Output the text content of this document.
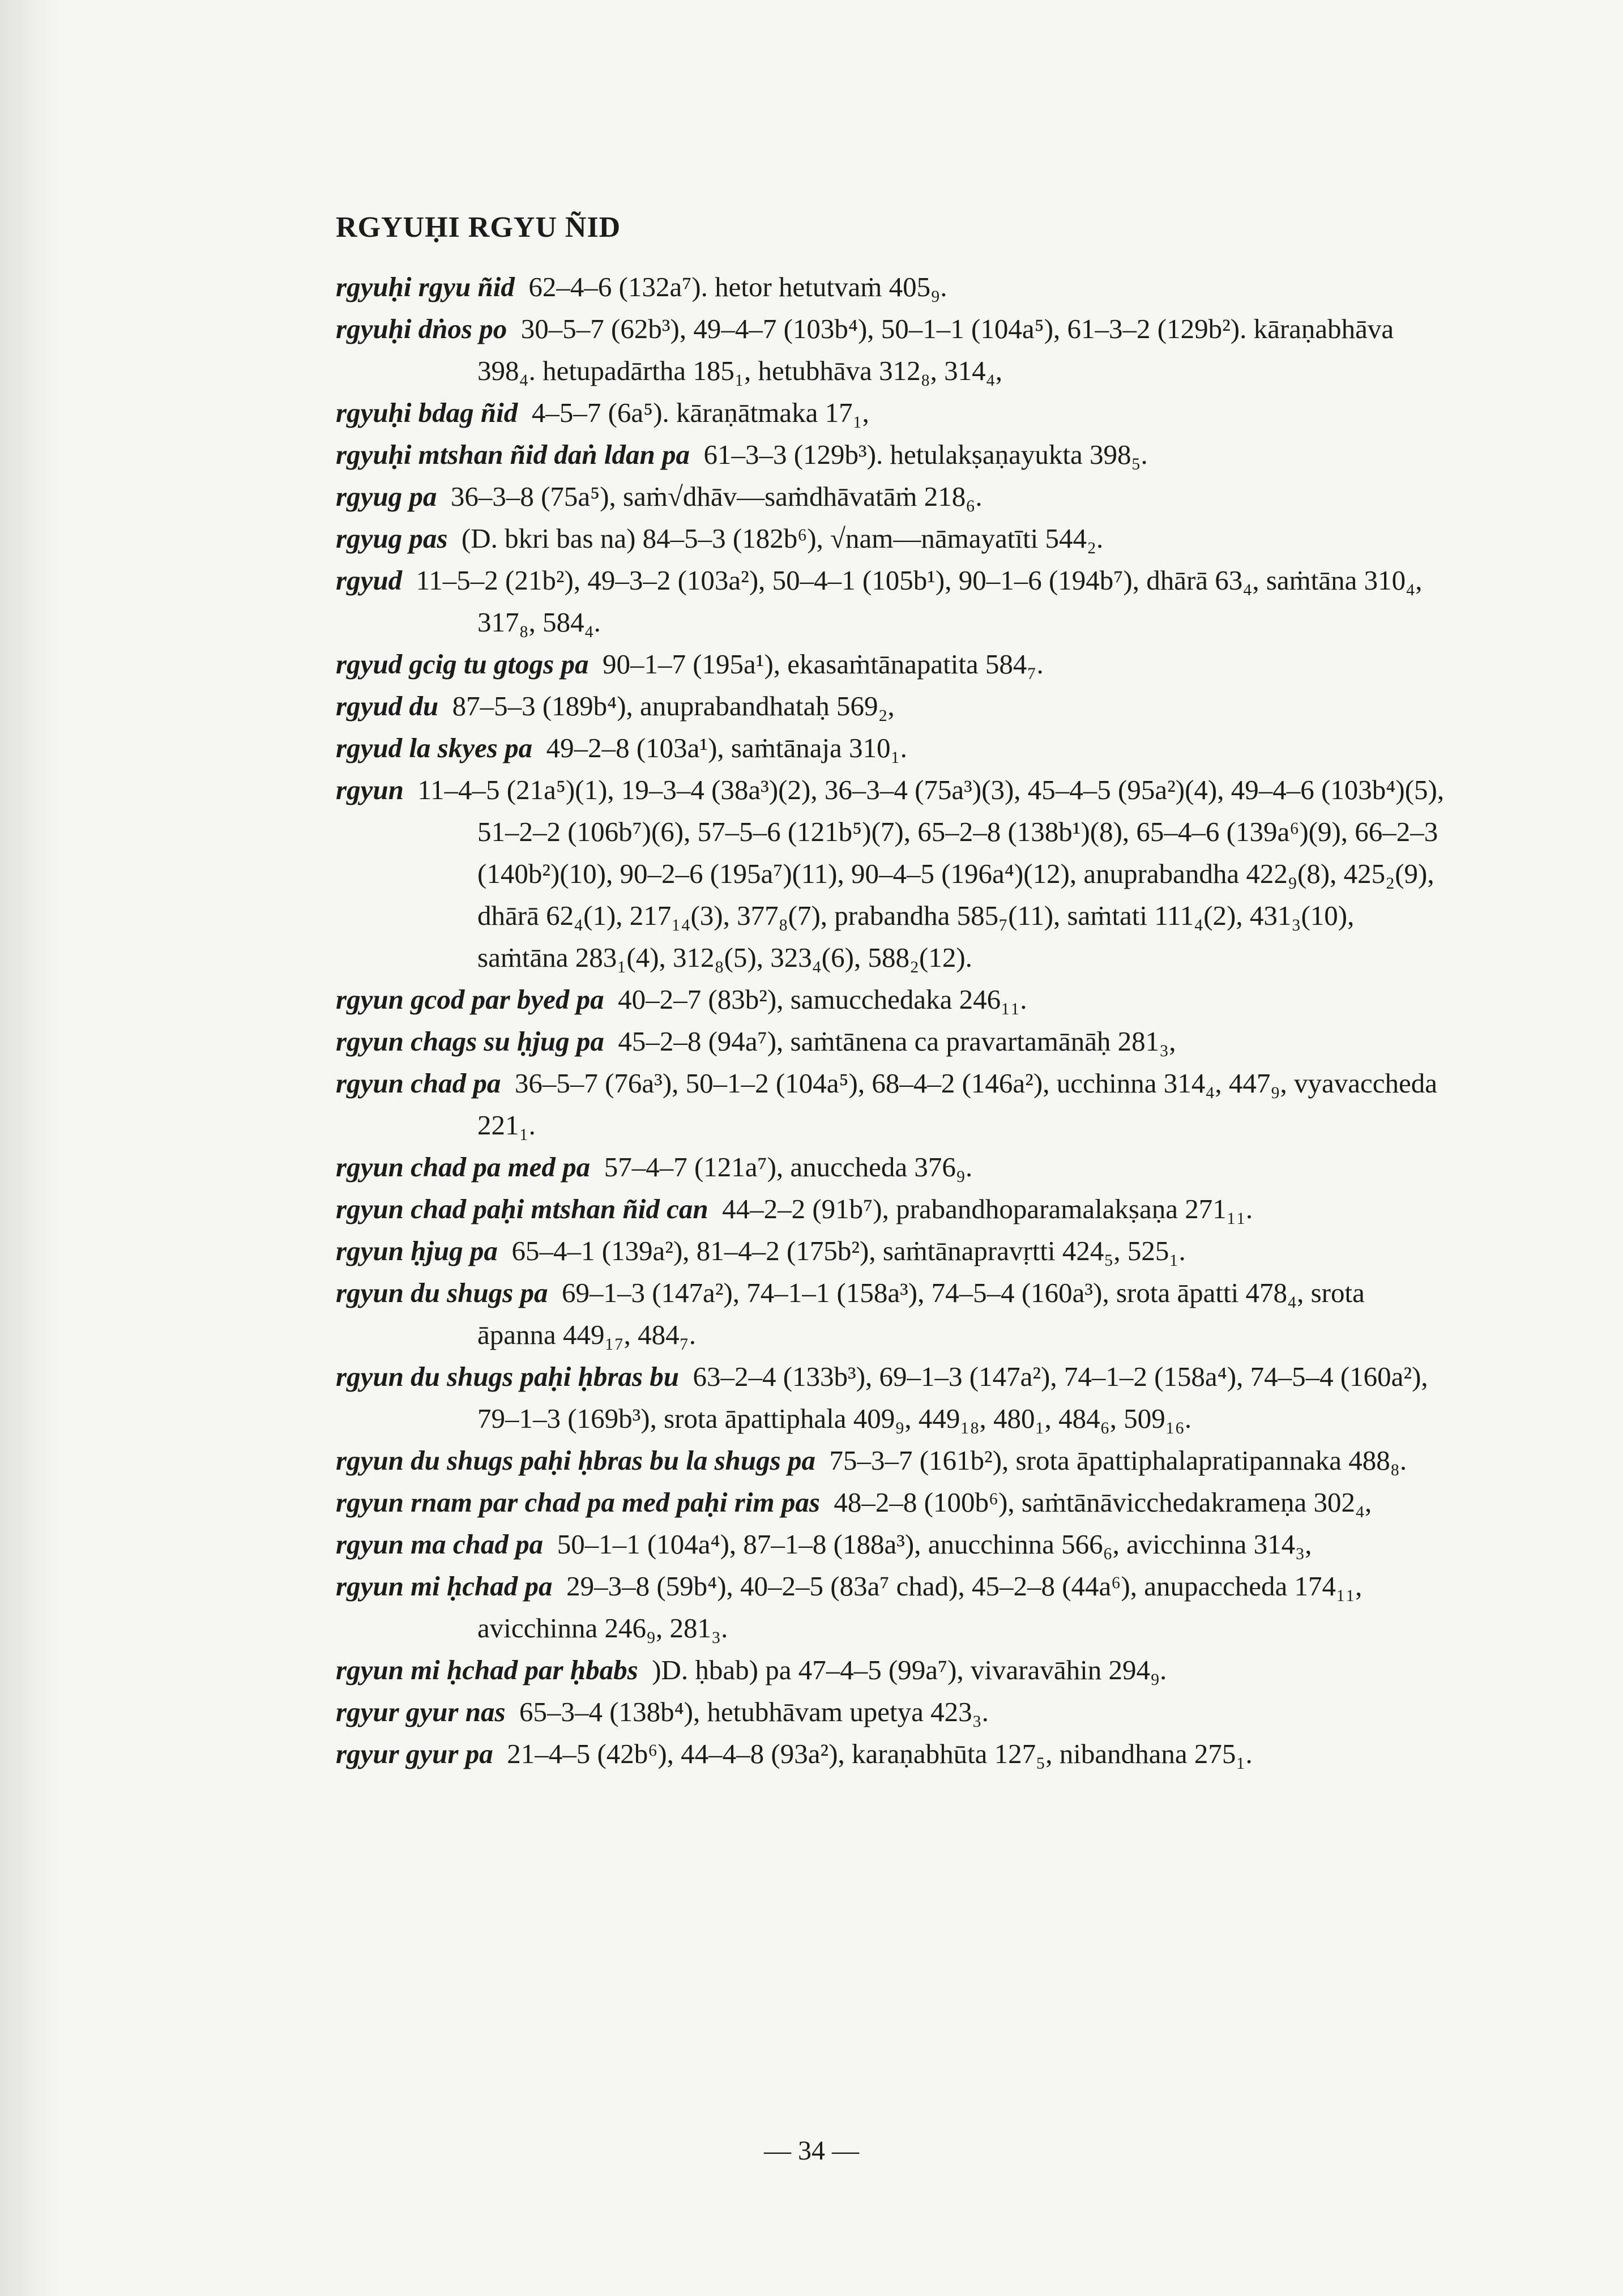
RGYUḤI RGYU ÑID
rgyuḥi rgyu ñid 62–4–6 (132a⁷). hetor hetutvaṁ 405₉.
rgyuḥi dṅos po 30–5–7 (62b³), 49–4–7 (103b⁴), 50–1–1 (104a⁵), 61–3–2 (129b²). kāraṇabhāva 398₄. hetupadārtha 185₁, hetubhāva 312₈, 314₄,
rgyuḥi bdag ñid 4–5–7 (6a⁵). kāraṇātmaka 17₁,
rgyuḥi mtshan ñid daṅ ldan pa 61–3–3 (129b³). hetulakṣaṇayukta 398₅.
rgyug pa 36–3–8 (75a⁵), saṁ√dhāv—saṁdhāvatāṁ 218₆.
rgyug pas (D. bkri bas na) 84–5–3 (182b⁶), √nam—nāmayatīti 544₂.
rgyud 11–5–2 (21b²), 49–3–2 (103a²), 50–4–1 (105b¹), 90–1–6 (194b⁷), dhārā 63₄, saṁtāna 310₄, 317₈, 584₄.
rgyud gcig tu gtogs pa 90–1–7 (195a¹), ekasaṁtānapatita 584₇.
rgyud du 87–5–3 (189b⁴), anuprabandhataḥ 569₂,
rgyud la skyes pa 49–2–8 (103a¹), saṁtānaja 310₁.
rgyun 11–4–5 (21a⁵)(1), 19–3–4 (38a³)(2), 36–3–4 (75a³)(3), 45–4–5 (95a²)(4), 49–4–6 (103b⁴)(5), 51–2–2 (106b⁷)(6), 57–5–6 (121b⁵)(7), 65–2–8 (138b¹)(8), 65–4–6 (139a⁶)(9), 66–2–3 (140b²)(10), 90–2–6 (195a⁷)(11), 90–4–5 (196a⁴)(12), anuprabandha 422₉(8), 425₂(9), dhārā 62₄(1), 217₁₄(3), 377₈(7), prabandha 585₇(11), saṁtati 111₄(2), 431₃(10), saṁtāna 283₁(4), 312₈(5), 323₄(6), 588₂(12).
rgyun gcod par byed pa 40–2–7 (83b²), samucchedaka 246₁₁.
rgyun chags su ḥjug pa 45–2–8 (94a⁷), saṁtānena ca pravartamānāḥ 281₃,
rgyun chad pa 36–5–7 (76a³), 50–1–2 (104a⁵), 68–4–2 (146a²), ucchinna 314₄, 447₉, vyavaccheda 221₁.
rgyun chad pa med pa 57–4–7 (121a⁷), anuccheda 376₉.
rgyun chad paḥi mtshan ñid can 44–2–2 (91b⁷), prabandhoparamalakṣaṇa 271₁₁.
rgyun ḥjug pa 65–4–1 (139a²), 81–4–2 (175b²), saṁtānapravṛtti 424₅, 525₁.
rgyun du shugs pa 69–1–3 (147a²), 74–1–1 (158a³), 74–5–4 (160a³), srota āpatti 478₄, srota āpanna 449₁₇, 484₇.
rgyun du shugs paḥi ḥbras bu 63–2–4 (133b³), 69–1–3 (147a²), 74–1–2 (158a⁴), 74–5–4 (160a²), 79–1–3 (169b³), srota āpattiphala 409₉, 449₁₈, 480₁, 484₆, 509₁₆.
rgyun du shugs paḥi ḥbras bu la shugs pa 75–3–7 (161b²), srota āpattiphalapratipannaka 488₈.
rgyun rnam par chad pa med paḥi rim pas 48–2–8 (100b⁶), saṁtānāvicchedakrameṇa 302₄,
rgyun ma chad pa 50–1–1 (104a⁴), 87–1–8 (188a³), anucchinna 566₆, avicchinna 314₃,
rgyun mi ḥchad pa 29–3–8 (59b⁴), 40–2–5 (83a⁷ chad), 45–2–8 (44a⁶), anupaccheda 174₁₁, avicchinna 246₉, 281₃.
rgyun mi ḥchad par ḥbabs )D. ḥbab) pa 47–4–5 (99a⁷), vivaravāhin 294₉.
rgyur gyur nas 65–3–4 (138b⁴), hetubhāvam upetya 423₃.
rgyur gyur pa 21–4–5 (42b⁶), 44–4–8 (93a²), karaṇabhūta 127₅, nibandhana 275₁.
— 34 —
